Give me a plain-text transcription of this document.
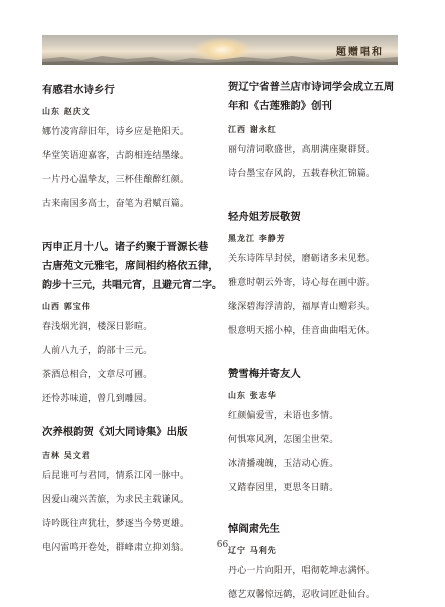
题赠唱和
有感君水诗乡行
山东 赵庆文
娜竹凌宵辞旧年，诗乡应是艳阳天。
华堂笑语迎嘉客，古韵相连结墨缘。
一片丹心温挚友，三杯佳酿醉红颜。
古来南国多高士，奋笔为君赋百篇。
丙申正月十八。诸子约聚于晋源长巷
古唐苑文元雅宅，席间相约格依五律，
韵步十三元，共唱元宵，且避元宵二字。
山西 郭宝伟
春浅烟光润，楼深日影暄。
人前八九子，韵部十三元。
茶酒总相合，文章尽可圃。
还怜苏味道，曾几到雕园。
次养根韵贺《刘大同诗集》出版
吉林 吴文君
后昆谁可与君同，情系江冈一脉中。
因爱山魂兴苦旅，为求民主载谦风。
诗吟既往声犹壮，梦逐当今势更雄。
电闪雷鸣开卷处，群峰肃立抑刘翁。
贺辽宁省普兰店市诗词学会成立五周
年和《古莲雅韵》创刊
江西 谢永红
丽句清词歌盛世，高朋满座聚群贤。
诗台墨宝存风韵，五载春秋汇锦篇。
轻舟姐芳辰敬贺
黑龙江 李静芳
关东诗阵早封侯，磨砺诸多未见愁。
雅意时朝云外寄，诗心每在画中游。
缘深碧海浮清韵，福厚青山赠彩头。
恨意明天摇小棹，佳音曲曲唱无休。
赞雪梅并寄友人
山东 张志华
红颜偏爱雪，未语也多情。
何惧寒风冽，怎图尘世荣。
冰清播魂魄，玉洁动心旌。
又踏春园里，更思冬日睛。
悼阎肃先生
辽宁 马利先
丹心一片向阳开，唱彻乾坤志满怀。
德艺双馨惊远鹤，忍收词匠赴仙台。
66
